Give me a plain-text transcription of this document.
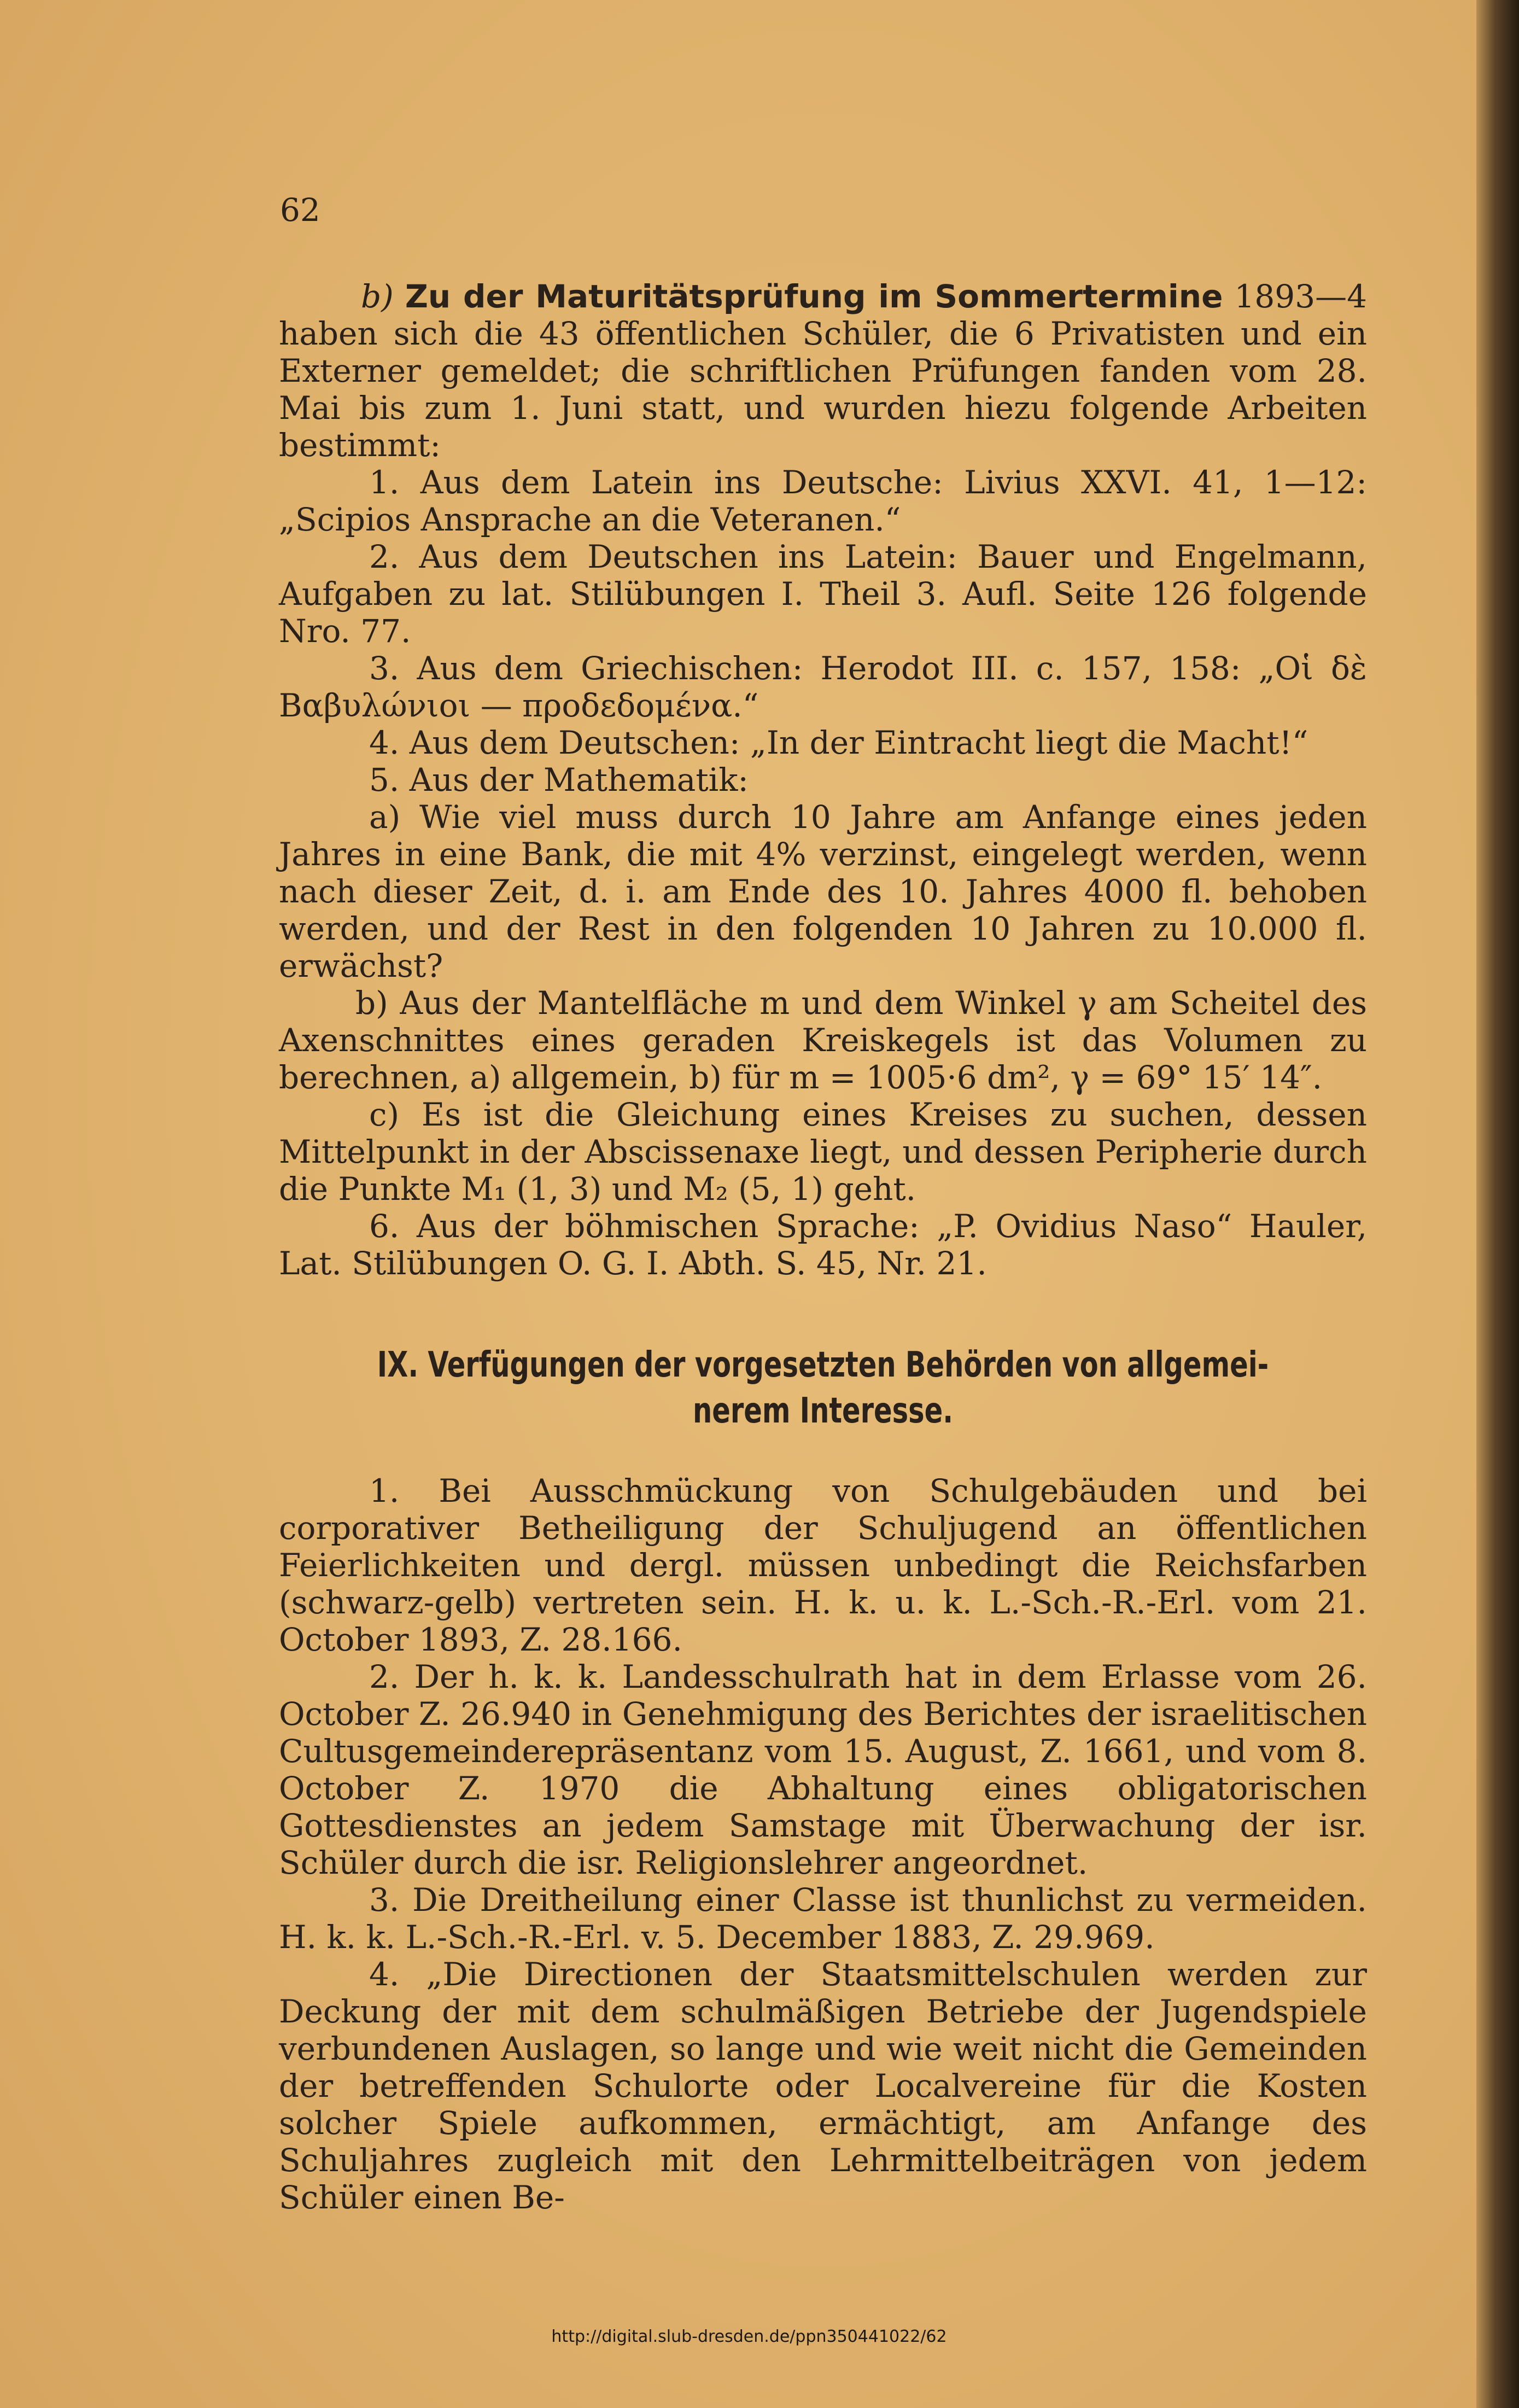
62

b) Zu der Maturitätsprüfung im Sommertermine 1893—4 haben sich die 43 öffentlichen Schüler, die 6 Privatisten und ein Externer gemeldet; die schriftlichen Prüfungen fanden vom 28. Mai bis zum 1. Juni statt, und wurden hiezu folgende Arbeiten bestimmt:

1. Aus dem Latein ins Deutsche: Livius XXVI. 41, 1—12: „Scipios Ansprache an die Veteranen.“

2. Aus dem Deutschen ins Latein: Bauer und Engelmann, Aufgaben zu lat. Stilübungen I. Theil 3. Aufl. Seite 126 folgende Nro. 77.

3. Aus dem Griechischen: Herodot III. c. 157, 158: „Οἱ δὲ Βαβυλώνιοι — προδεδομένα.“

4. Aus dem Deutschen: „In der Eintracht liegt die Macht!“

5. Aus der Mathematik:

a) Wie viel muss durch 10 Jahre am Anfange eines jeden Jahres in eine Bank, die mit 4% verzinst, eingelegt werden, wenn nach dieser Zeit, d. i. am Ende des 10. Jahres 4000 fl. behoben werden, und der Rest in den folgenden 10 Jahren zu 10.000 fl. erwächst?

b) Aus der Mantelfläche m und dem Winkel γ am Scheitel des Axenschnittes eines geraden Kreiskegels ist das Volumen zu berechnen, a) allgemein, b) für m = 1005·6 dm², γ = 69° 15′ 14″.

c) Es ist die Gleichung eines Kreises zu suchen, dessen Mittelpunkt in der Abscissenaxe liegt, und dessen Peripherie durch die Punkte M₁ (1, 3) und M₂ (5, 1) geht.

6. Aus der böhmischen Sprache: „P. Ovidius Naso“ Hauler, Lat. Stilübungen O. G. I. Abth. S. 45, Nr. 21.

IX. Verfügungen der vorgesetzten Behörden von allgemei-
nerem Interesse.

1. Bei Ausschmückung von Schulgebäuden und bei corporativer Betheiligung der Schuljugend an öffentlichen Feierlichkeiten und dergl. müssen unbedingt die Reichsfarben (schwarz-gelb) vertreten sein. H. k. u. k. L.-Sch.-R.-Erl. vom 21. October 1893, Z. 28.166.

2. Der h. k. k. Landesschulrath hat in dem Erlasse vom 26. October Z. 26.940 in Genehmigung des Berichtes der israelitischen Cultusgemeinderepräsentanz vom 15. August, Z. 1661, und vom 8. October Z. 1970 die Abhaltung eines obligatorischen Gottesdienstes an jedem Samstage mit Überwachung der isr. Schüler durch die isr. Religionslehrer angeordnet.

3. Die Dreitheilung einer Classe ist thunlichst zu vermeiden. H. k. k. L.-Sch.-R.-Erl. v. 5. December 1883, Z. 29.969.

4. „Die Directionen der Staatsmittelschulen werden zur Deckung der mit dem schulmäßigen Betriebe der Jugendspiele verbundenen Auslagen, so lange und wie weit nicht die Gemeinden der betreffenden Schulorte oder Localvereine für die Kosten solcher Spiele aufkommen, ermächtigt, am Anfange des Schuljahres zugleich mit den Lehrmittelbeiträgen von jedem Schüler einen Be-

http://digital.slub-dresden.de/ppn350441022/62
